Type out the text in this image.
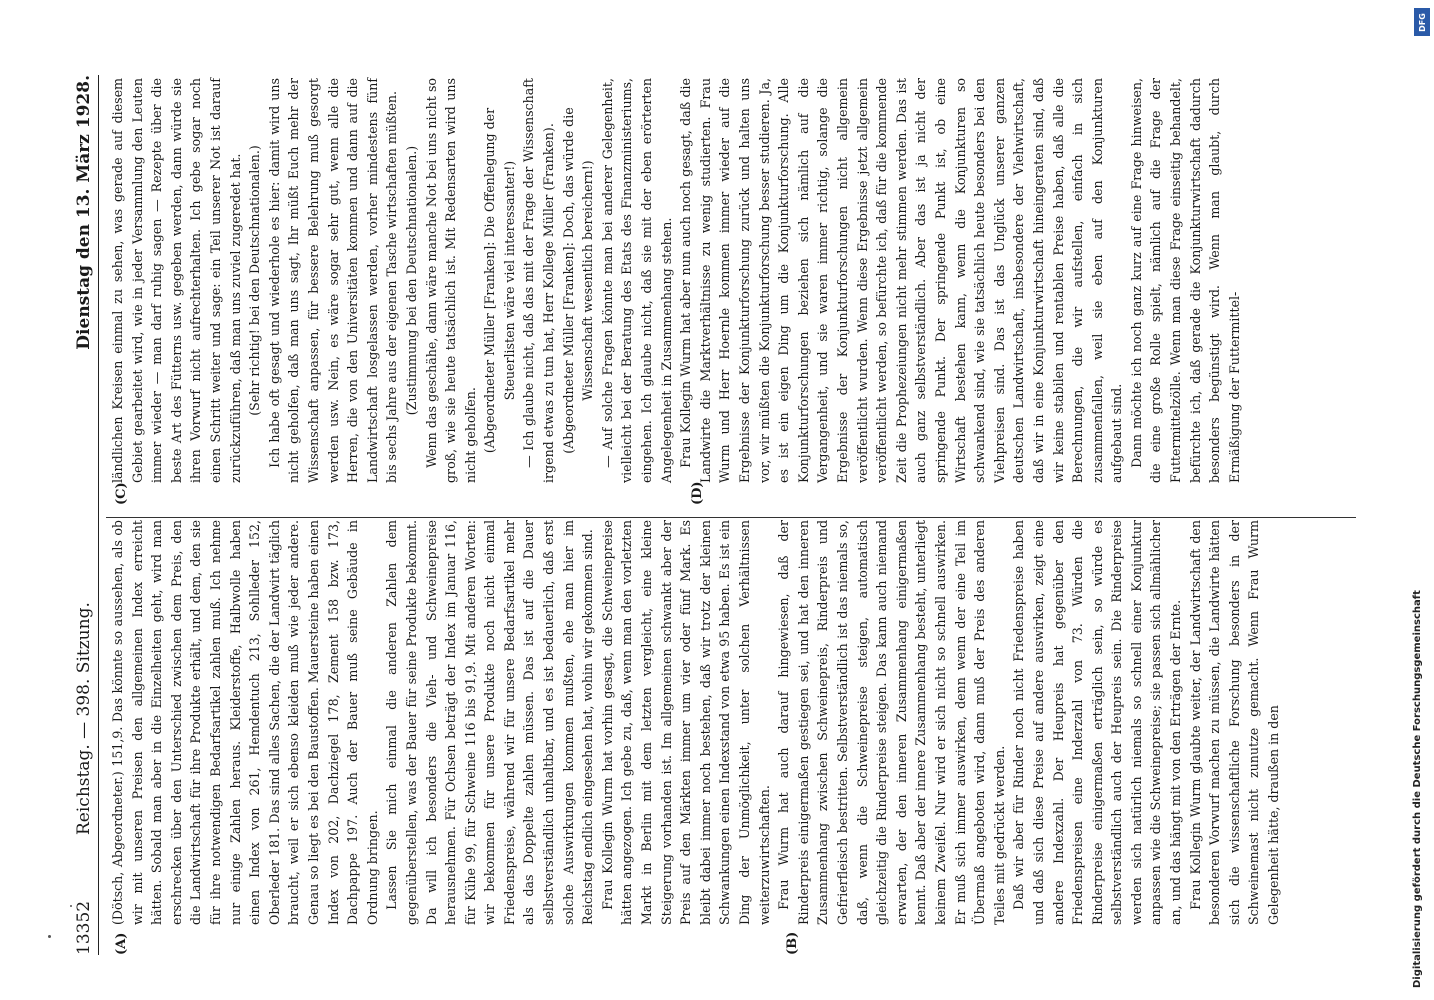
13352
Reichstag. — 398. Sitzung.
Dienstag den 13. März 1928.
(A)	(B)
(C)	(D)

(Dötsch, Abgeordneter.) 151,9. Das könnte so aussehen, als ob wir mit unseren Preisen den allgemeinen Index erreicht hätten. Sobald man aber in die Einzelheiten geht, wird man erschrecken über den Unterschied zwischen dem Preis, den die Landwirtschaft für ihre Produkte erhält, und dem, den sie für ihre notwendigen Bedarfsartikel zahlen muß. Ich nehme nur einige Zahlen heraus. Kleiderstoffe, Halbwolle haben einen Index von 261, Hemdentuch 213, Sohlleder 152, Oberleder 181. Das sind alles Sachen, die der Landwirt täglich braucht, weil er sich ebenso kleiden muß wie jeder andere. Genau so liegt es bei den Baustoffen. Mauersteine haben einen Index von 202, Dachziegel 178, Zement 158 bzw. 173, Dachpappe 197. Auch der Bauer muß seine Gebäude in Ordnung bringen. Lassen Sie mich einmal die anderen Zahlen dem gegenüberstellen, was der Bauer für seine Produkte bekommt. Da will ich besonders die Vieh- und Schweinepreise herausnehmen. Für Ochsen beträgt der Index im Januar 116, für Kühe 99, für Schweine 116 bis 91,9. Mit anderen Worten: wir bekommen für unsere Produkte noch nicht einmal Friedenspreise, während wir für unsere Bedarfsartikel mehr als das Doppelte zahlen müssen. Das ist auf die Dauer selbstverständlich unhaltbar, und es ist bedauerlich, daß erst solche Auswirkungen kommen mußten, ehe man hier im Reichstag endlich eingesehen hat, wohin wir gekommen sind. Frau Kollegin Wurm hat vorhin gesagt, die Schweinepreise hätten angezogen. Ich gebe zu, daß, wenn man den vorletzten Markt in Berlin mit dem letzten vergleicht, eine kleine Steigerung vorhanden ist. Im allgemeinen schwankt aber der Preis auf den Märkten immer um vier oder fünf Mark. Es bleibt dabei immer noch bestehen, daß wir trotz der kleinen Schwankungen einen Indexstand von etwa 95 haben. Es ist ein Ding der Unmöglichkeit, unter solchen Verhältnissen weiterzuwirtschaften. Frau Wurm hat auch darauf hingewiesen, daß der Rinderpreis einigermaßen gestiegen sei, und hat den inneren Zusammenhang zwischen Schweinepreis, Rinderpreis und Gefrierfleisch bestritten. Selbstverständlich ist das niemals so, daß, wenn die Schweinepreise steigen, automatisch gleichzeitig die Rinderpreise steigen. Das kann auch niemand erwarten, der den inneren Zusammenhang einigermaßen kennt. Daß aber der innere Zusammenhang besteht, unterliegt keinem Zweifel. Nur wird er sich nicht so schnell auswirken. Er muß sich immer auswirken, denn wenn der eine Teil im Übermaß angeboten wird, dann muß der Preis des anderen Teiles mit gedrückt werden. Daß wir aber für Rinder noch nicht Friedenspreise haben und daß sich diese Preise auf andere auswirken, zeigt eine andere Indexzahl. Der Heupreis hat gegenüber den Friedenspreisen eine Inderzahl von 73. Würden die Rinderpreise einigermaßen erträglich sein, so würde es selbstverständlich auch der Heupreis sein. Die Rinderpreise werden sich natürlich niemals so schnell einer Konjunktur anpassen wie die Schweinepreise; sie passen sich allmählicher an, und das hängt mit von den Erträgen der Ernte. Frau Kollegin Wurm glaubte weiter, der Landwirtschaft den besonderen Vorwurf machen zu müssen, die Landwirte hätten sich die wissenschaftliche Forschung besonders in der Schweinemast nicht zunutze gemacht. Wenn Frau Wurm Gelegenheit hätte, draußen in den

ländlichen Kreisen einmal zu sehen, was gerade auf diesem Gebiet gearbeitet wird, wie in jeder Versammlung den Leuten immer wieder — man darf ruhig sagen — Rezepte über die beste Art des Fütterns usw. gegeben werden, dann würde sie ihren Vorwurf nicht aufrechterhalten. Ich gebe sogar noch einen Schritt weiter und sage: ein Teil unserer Not ist darauf zurückzuführen, daß man uns zuviel zugeredet hat. (Sehr richtig! bei den Deutschnationalen.) Ich habe oft gesagt und wiederhole es hier: damit wird uns nicht geholfen, daß man uns sagt, Ihr müßt Euch mehr der Wissenschaft anpassen, für bessere Belehrung muß gesorgt werden usw. Nein, es wäre sogar sehr gut, wenn alle die Herren, die von den Universitäten kommen und dann auf die Landwirtschaft losgelassen werden, vorher mindestens fünf bis sechs Jahre aus der eigenen Tasche wirtschaften müßten. (Zustimmung bei den Deutschnationalen.) Wenn das geschähe, dann wäre manche Not bei uns nicht so groß, wie sie heute tatsächlich ist. Mit Redensarten wird uns nicht geholfen. (Abgeordneter Müller [Franken]: Die Offenlegung der Steuerlisten wäre viel interessanter!) — Ich glaube nicht, daß das mit der Frage der Wissenschaft irgend etwas zu tun hat, Herr Kollege Müller (Franken). (Abgeordneter Müller [Franken]: Doch, das würde die Wissenschaft wesentlich bereichern!) — Auf solche Fragen könnte man bei anderer Gelegenheit, vielleicht bei der Beratung des Etats des Finanzministeriums, eingehen. Ich glaube nicht, daß sie mit der eben erörterten Angelegenheit in Zusammenhang stehen. Frau Kollegin Wurm hat aber nun auch noch gesagt, daß die Landwirte die Marktverhältnisse zu wenig studierten. Frau Wurm und Herr Hoernle kommen immer wieder auf die Ergebnisse der Konjunkturforschung zurück und halten uns vor, wir müßten die Konjunkturforschung besser studieren. Ja, es ist ein eigen Ding um die Konjunkturforschung. Alle Konjunkturforschungen beziehen sich nämlich auf die Vergangenheit, und sie waren immer richtig, solange die Ergebnisse der Konjunkturforschungen nicht allgemein veröffentlicht wurden. Wenn diese Ergebnisse jetzt allgemein veröffentlicht werden, so befürchte ich, daß für die kommende Zeit die Prophezeiungen nicht mehr stimmen werden. Das ist auch ganz selbstverständlich. Aber das ist ja nicht der springende Punkt. Der springende Punkt ist, ob eine Wirtschaft bestehen kann, wenn die Konjunkturen so schwankend sind, wie sie tatsächlich heute besonders bei den Viehpreisen sind. Das ist das Unglück unserer ganzen deutschen Landwirtschaft, insbesondere der Viehwirtschaft, daß wir in eine Konjunkturwirtschaft hineingeraten sind, daß wir keine stabilen und rentablen Preise haben, daß alle die Berechnungen, die wir aufstellen, einfach in sich zusammenfallen, weil sie eben auf den Konjunkturen aufgebaut sind. Dann möchte ich noch ganz kurz auf eine Frage hinweisen, die eine große Rolle spielt, nämlich auf die Frage der Futtermittelzölle. Wenn man diese Frage einseitig behandelt, befürchte ich, daß gerade die Konjunkturwirtschaft dadurch besonders begünstigt wird. Wenn man glaubt, durch Ermäßigung der Futtermittel-

Digitalisierung gefördert durch die Deutsche Forschungsgemeinschaft
DFG
